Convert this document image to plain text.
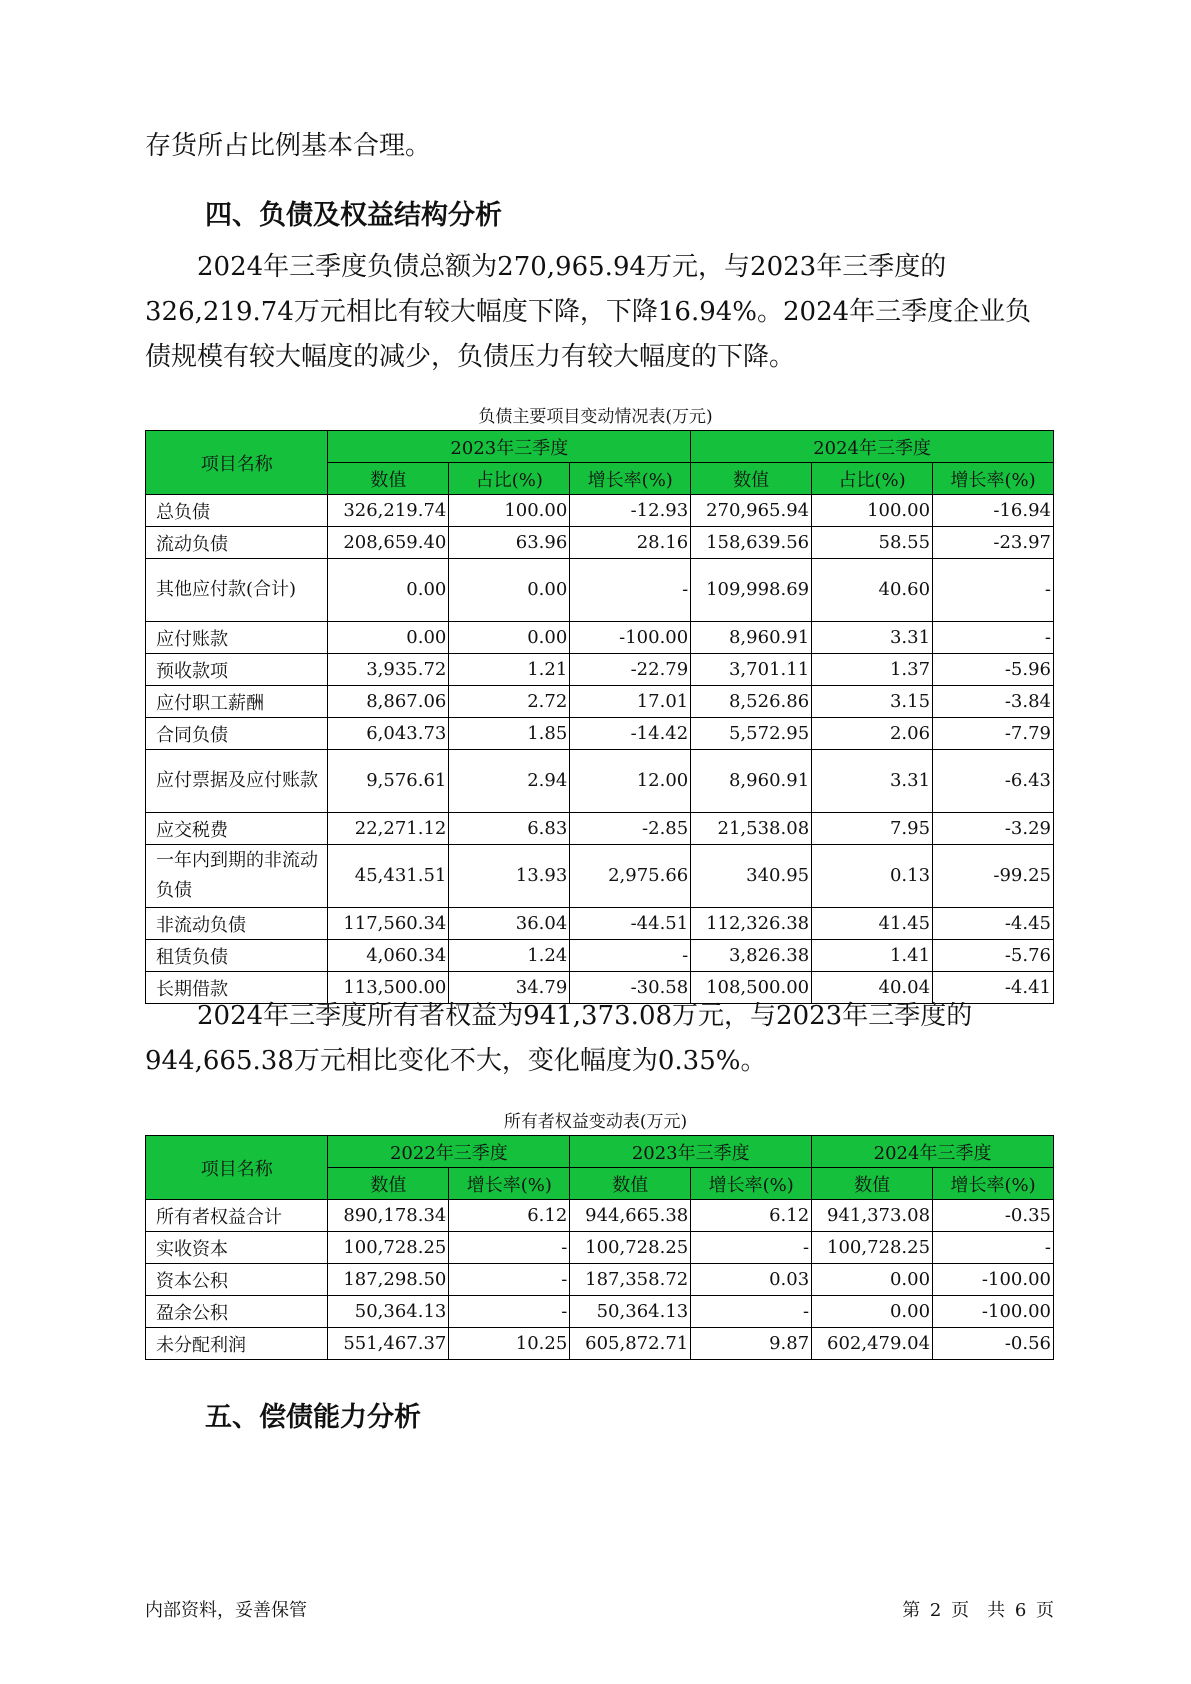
存货所占比例基本合理。

四、负债及权益结构分析

2024年三季度负债总额为270,965.94万元，与2023年三季度的326,219.74万元相比有较大幅度下降，下降16.94%。2024年三季度企业负债规模有较大幅度的减少，负债压力有较大幅度的下降。

负债主要项目变动情况表(万元)

项目名称	2023年三季度			2024年三季度		
	数值	占比(%)	增长率(%)	数值	占比(%)	增长率(%)
总负债	326,219.74	100.00	-12.93	270,965.94	100.00	-16.94
流动负债	208,659.40	63.96	28.16	158,639.56	58.55	-23.97
其他应付款(合计)	0.00	0.00	-	109,998.69	40.60	-
应付账款	0.00	0.00	-100.00	8,960.91	3.31	-
预收款项	3,935.72	1.21	-22.79	3,701.11	1.37	-5.96
应付职工薪酬	8,867.06	2.72	17.01	8,526.86	3.15	-3.84
合同负债	6,043.73	1.85	-14.42	5,572.95	2.06	-7.79
应付票据及应付账款	9,576.61	2.94	12.00	8,960.91	3.31	-6.43
应交税费	22,271.12	6.83	-2.85	21,538.08	7.95	-3.29
一年内到期的非流动负债	45,431.51	13.93	2,975.66	340.95	0.13	-99.25
非流动负债	117,560.34	36.04	-44.51	112,326.38	41.45	-4.45
租赁负债	4,060.34	1.24	-	3,826.38	1.41	-5.76
长期借款	113,500.00	34.79	-30.58	108,500.00	40.04	-4.41

2024年三季度所有者权益为941,373.08万元，与2023年三季度的944,665.38万元相比变化不大，变化幅度为0.35%。

所有者权益变动表(万元)

项目名称	2022年三季度		2023年三季度		2024年三季度	
	数值	增长率(%)	数值	增长率(%)	数值	增长率(%)
所有者权益合计	890,178.34	6.12	944,665.38	6.12	941,373.08	-0.35
实收资本	100,728.25	-	100,728.25	-	100,728.25	-
资本公积	187,298.50	-	187,358.72	0.03	0.00	-100.00
盈余公积	50,364.13	-	50,364.13	-	0.00	-100.00
未分配利润	551,467.37	10.25	605,872.71	9.87	602,479.04	-0.56
五、偿债能力分析

内部资料，妥善保管	第 2 页　共 6 页
